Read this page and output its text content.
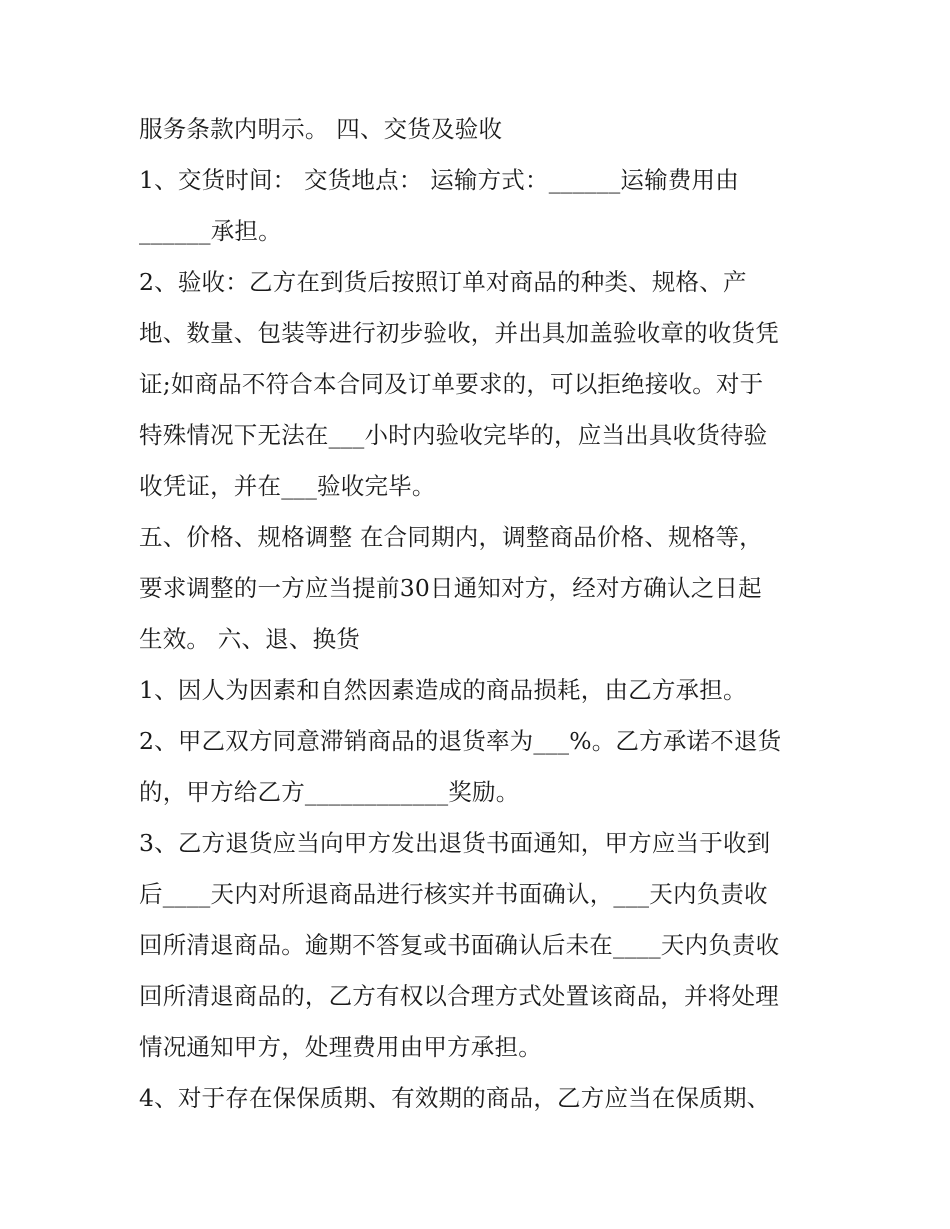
服务条款内明示。 四、交货及验收
1、交货时间： 交货地点： 运输方式：______运输费用由
______承担。
2、验收：乙方在到货后按照订单对商品的种类、规格、产
地、数量、包装等进行初步验收，并出具加盖验收章的收货凭
证;如商品不符合本合同及订单要求的，可以拒绝接收。对于
特殊情况下无法在___小时内验收完毕的，应当出具收货待验
收凭证，并在___验收完毕。
五、价格、规格调整 在合同期内，调整商品价格、规格等，
要求调整的一方应当提前30日通知对方，经对方确认之日起
生效。 六、退、换货
1、因人为因素和自然因素造成的商品损耗，由乙方承担。
2、甲乙双方同意滞销商品的退货率为___%。乙方承诺不退货
的，甲方给乙方____________奖励。
3、乙方退货应当向甲方发出退货书面通知，甲方应当于收到
后____天内对所退商品进行核实并书面确认，___天内负责收
回所清退商品。逾期不答复或书面确认后未在____天内负责收
回所清退商品的，乙方有权以合理方式处置该商品，并将处理
情况通知甲方，处理费用由甲方承担。
4、对于存在保保质期、有效期的商品，乙方应当在保质期、
